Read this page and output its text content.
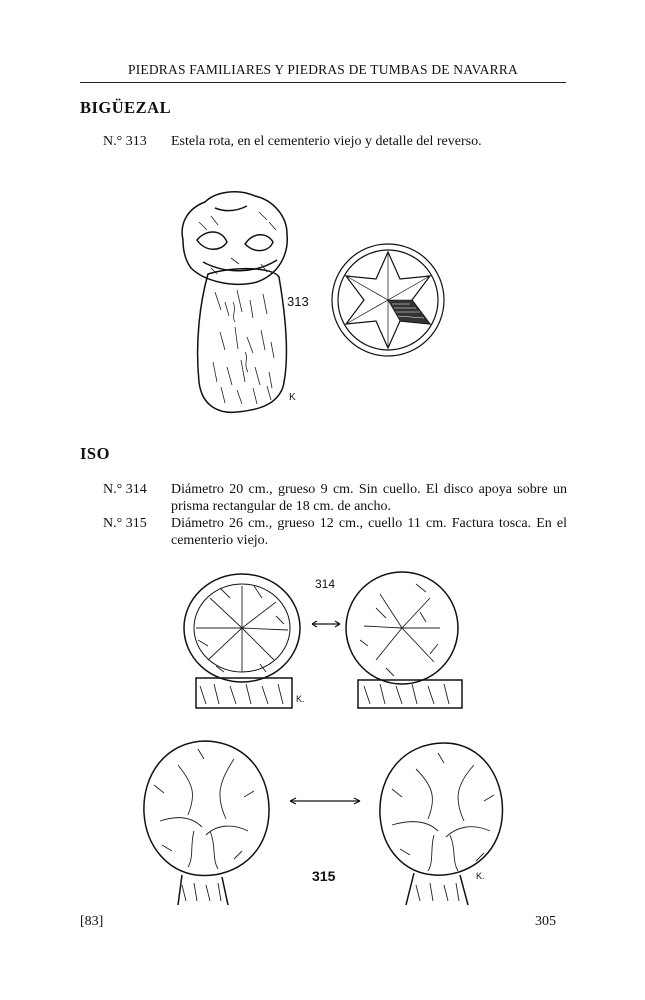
PIEDRAS FAMILIARES Y PIEDRAS DE TUMBAS DE NAVARRA
BIGÜEZAL
N.° 313	Estela rota, en el cementerio viejo y detalle del reverso.
313
K
ISO
N.° 314	Diámetro 20 cm., grueso 9 cm. Sin cuello. El disco apoya sobre un prisma rectangular de 18 cm. de ancho.
N.° 315	Diámetro 26 cm., grueso 12 cm., cuello 11 cm. Factura tosca. En el cementerio viejo.
314
K.
315	K.
[83]	305
